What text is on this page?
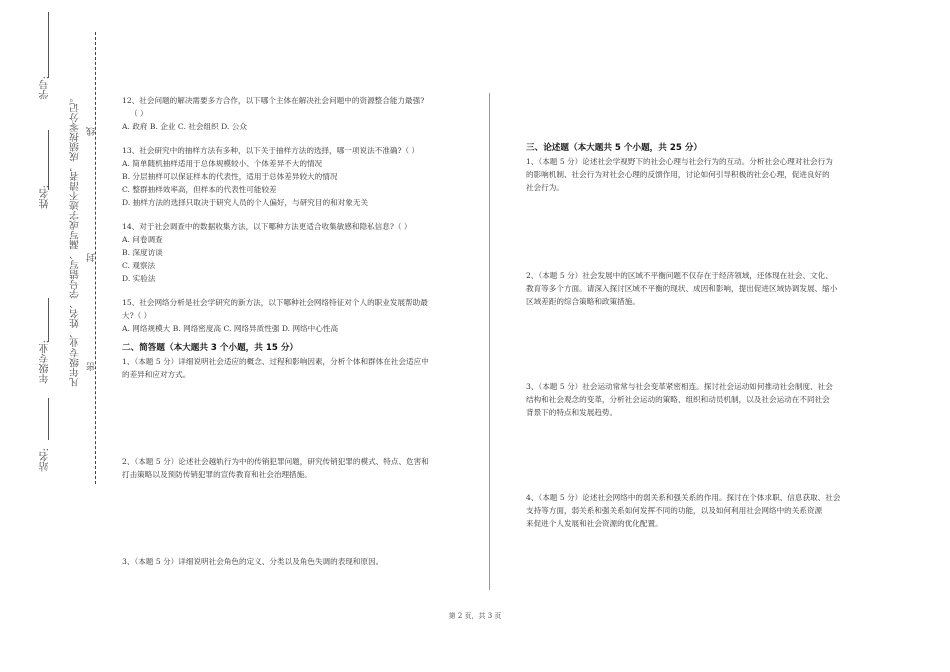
站名:
年级专业:
姓名:
学号:
凡年级专业、姓名、学号错写、漏写或字迹不清者，成绩按零分记。 密
封
线

12、社会问题的解决需要多方合作，以下哪个主体在解决社会问题中的资源整合能力最强?

（ ）

A. 政府 B. 企业 C. 社会组织 D. 公众

13、社会研究中的抽样方法有多种，以下关于抽样方法的选择，哪一项说法不准确?（ ）

A. 简单随机抽样适用于总体规模较小、个体差异不大的情况

B. 分层抽样可以保证样本的代表性，适用于总体差异较大的情况

C. 整群抽样效率高，但样本的代表性可能较差

D. 抽样方法的选择只取决于研究人员的个人偏好，与研究目的和对象无关

14、对于社会调查中的数据收集方法，以下哪种方法更适合收集敏感和隐私信息?（ ）

A. 问卷调查

B. 深度访谈

C. 观察法

D. 实验法

15、社会网络分析是社会学研究的新方法，以下哪种社会网络特征对个人的职业发展帮助最

大?（ ）

A. 网络规模大 B. 网络密度高 C. 网络异质性强 D. 网络中心性高

二、简答题（本大题共 3 个小题，共 15 分）

1、（本题 5 分）详细说明社会适应的概念、过程和影响因素，分析个体和群体在社会适应中

的差异和应对方式。

2、（本题 5 分）论述社会越轨行为中的传销犯罪问题，研究传销犯罪的模式、特点、危害和

打击策略以及预防传销犯罪的宣传教育和社会治理措施。

3、（本题 5 分）详细说明社会角色的定义、分类以及角色失调的表现和原因。

三、论述题（本大题共 5 个小题，共 25 分）

1、（本题 5 分）论述社会学视野下的社会心理与社会行为的互动。分析社会心理对社会行为

的影响机制、社会行为对社会心理的反馈作用，讨论如何引导积极的社会心理，促进良好的

社会行为。

2、（本题 5 分）社会发展中的区域不平衡问题不仅存在于经济领域，还体现在社会、文化、

教育等多个方面。请深入探讨区域不平衡的现状、成因和影响，提出促进区域协调发展、缩小

区域差距的综合策略和政策措施。

3、（本题 5 分）社会运动常常与社会变革紧密相连。探讨社会运动如何推动社会制度、社会

结构和社会观念的变革，分析社会运动的策略、组织和动员机制，以及社会运动在不同社会

背景下的特点和发展趋势。

4、（本题 5 分）论述社会网络中的弱关系和强关系的作用。探讨在个体求职、信息获取、社会

支持等方面，弱关系和强关系如何发挥不同的功能，以及如何利用社会网络中的关系资源

来促进个人发展和社会资源的优化配置。

第 2 页，共 3 页
